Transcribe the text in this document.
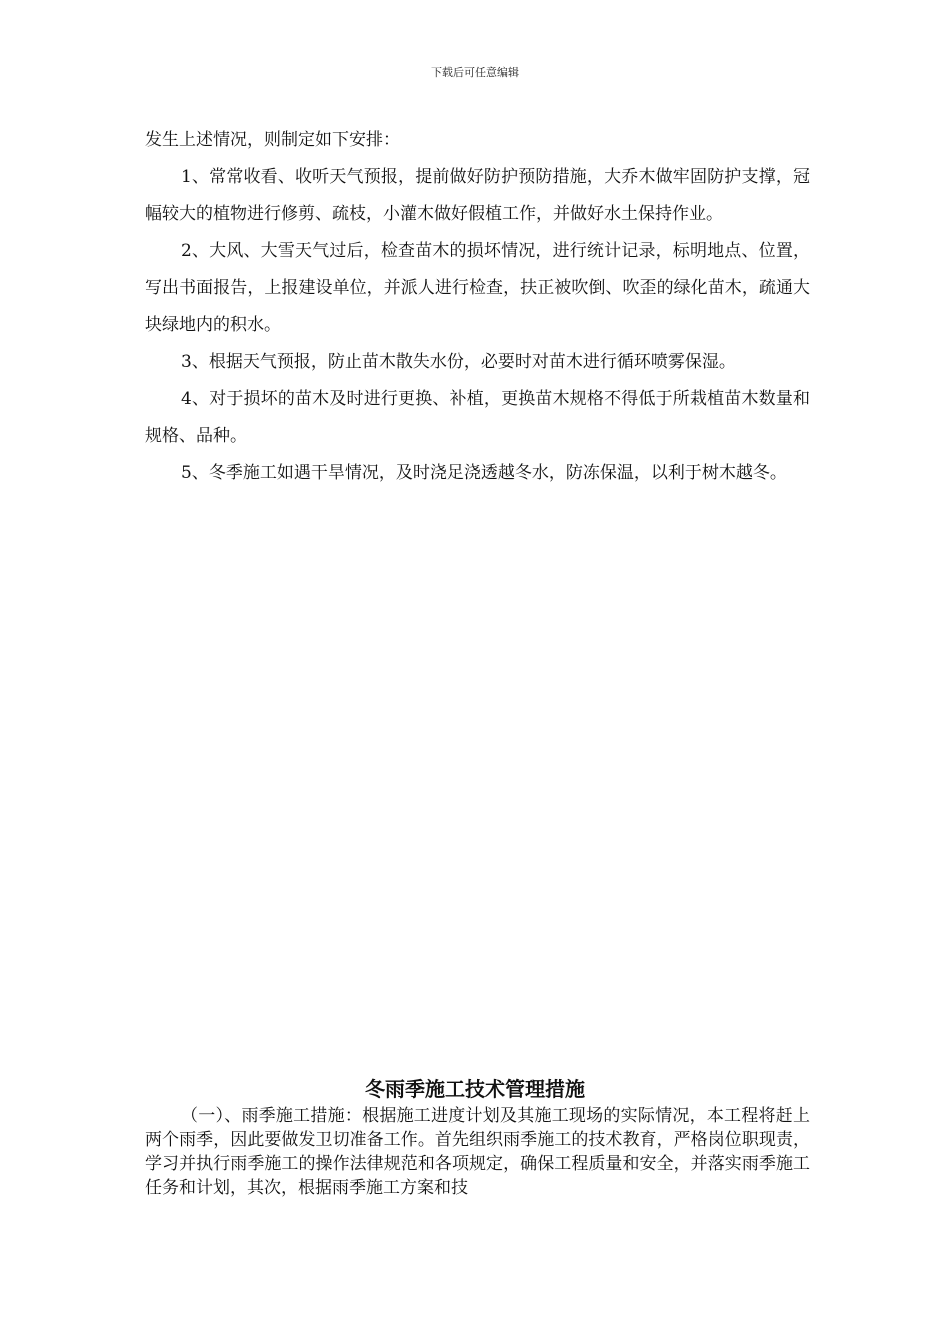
下载后可任意编辑

发生上述情况，则制定如下安排：

1、常常收看、收听天气预报，提前做好防护预防措施，大乔木做牢固防护支撑，冠幅较大的植物进行修剪、疏枝，小灌木做好假植工作，并做好水土保持作业。

2、大风、大雪天气过后，检查苗木的损坏情况，进行统计记录，标明地点、位置，写出书面报告，上报建设单位，并派人进行检查，扶正被吹倒、吹歪的绿化苗木，疏通大块绿地内的积水。

3、根据天气预报，防止苗木散失水份，必要时对苗木进行循环喷雾保湿。

4、对于损坏的苗木及时进行更换、补植，更换苗木规格不得低于所栽植苗木数量和规格、品种。

5、冬季施工如遇干旱情况，及时浇足浇透越冬水，防冻保温，以利于树木越冬。

冬雨季施工技术管理措施

（一）、雨季施工措施：根据施工进度计划及其施工现场的实际情况，本工程将赶上两个雨季，因此要做发卫切准备工作。首先组织雨季施工的技术教育，严格岗位职现责，学习并执行雨季施工的操作法律规范和各项规定，确保工程质量和安全，并落实雨季施工任务和计划，其次，根据雨季施工方案和技
